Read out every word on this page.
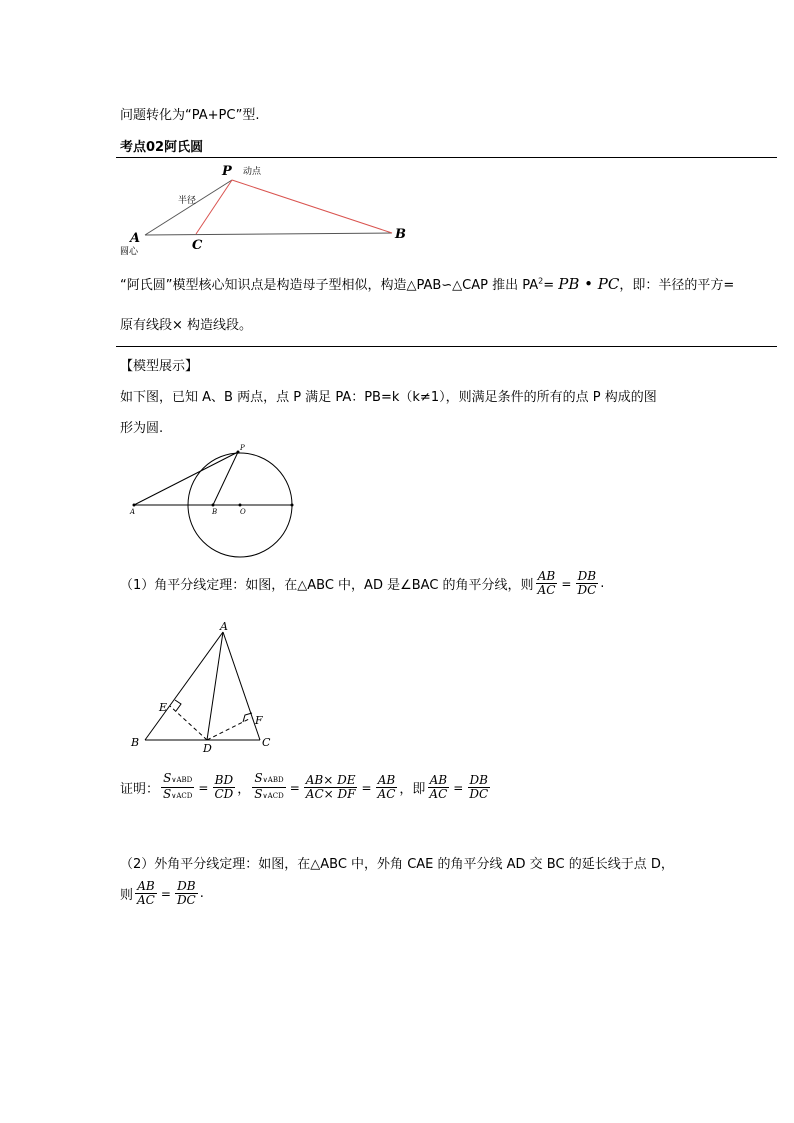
问题转化为“PA+PC”型.
考点02阿氏圆
P 动点
半径
A
圆心	C
B
“阿氏圆”模型核心知识点是构造母子型相似，构造△PAB∽△CAP 推出 $PA^2=$ PB • PC，即：半径的平方=
原有线段× 构造线段。
【模型展示】
如下图，已知 A、B 两点，点 P 满足 PA：PB=k（k≠1），则满足条件的所有的点 P 构成的图
形为圆.
P
A	B	O
（1）角平分线定理：如图，在△ABC 中，AD 是∠BAC 的角平分线，则 $\frac{AB}{AC} = \frac{DB}{DC}$ .
A
B	C
D
E
F
证明： $\frac{\text{S∨ABD}}{\text{S∨ACD}} = \frac{BD}{CD}$ ， $\frac{\text{S∨ABD}}{\text{S∨ACD}} = \frac{AB\times DE}{AC\times DF} = \frac{AB}{AC}$ ，即 $\frac{AB}{AC} = \frac{DB}{DC}$
（2）外角平分线定理：如图，在△ABC 中，外角 CAE 的角平分线 AD 交 BC 的延长线于点 D，
则 $\frac{AB}{AC} = \frac{DB}{DC}$ .
